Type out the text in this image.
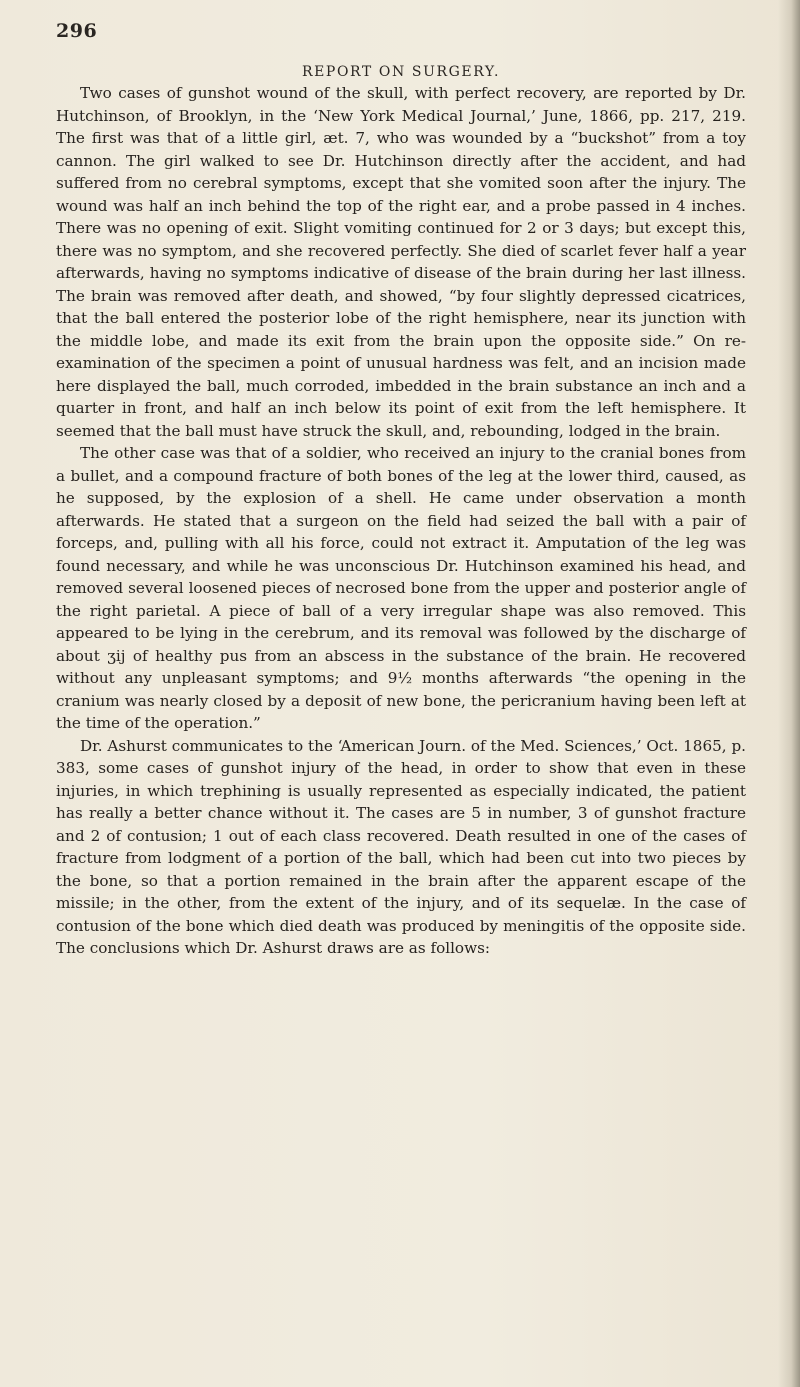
296
REPORT ON SURGERY.

Two cases of gunshot wound of the skull, with perfect recovery, are reported by Dr. Hutchinson, of Brooklyn, in the ‘New York Medical Journal,’ June, 1866, pp. 217, 219. The first was that of a little girl, æt. 7, who was wounded by a “buckshot” from a toy cannon. The girl walked to see Dr. Hutchinson directly after the accident, and had suffered from no cerebral symptoms, except that she vomited soon after the injury. The wound was half an inch behind the top of the right ear, and a probe passed in 4 inches. There was no opening of exit. Slight vomiting continued for 2 or 3 days; but except this, there was no symptom, and she recovered perfectly. She died of scarlet fever half a year afterwards, having no symptoms indicative of disease of the brain during her last illness. The brain was removed after death, and showed, “by four slightly depressed cicatrices, that the ball entered the posterior lobe of the right hemisphere, near its junction with the middle lobe, and made its exit from the brain upon the opposite side.” On re-examination of the specimen a point of unusual hardness was felt, and an incision made here displayed the ball, much corroded, imbedded in the brain substance an inch and a quarter in front, and half an inch below its point of exit from the left hemisphere. It seemed that the ball must have struck the skull, and, rebounding, lodged in the brain.

The other case was that of a soldier, who received an injury to the cranial bones from a bullet, and a compound fracture of both bones of the leg at the lower third, caused, as he supposed, by the explosion of a shell. He came under observation a month afterwards. He stated that a surgeon on the field had seized the ball with a pair of forceps, and, pulling with all his force, could not extract it. Amputation of the leg was found necessary, and while he was unconscious Dr. Hutchinson examined his head, and removed several loosened pieces of necrosed bone from the upper and posterior angle of the right parietal. A piece of ball of a very irregular shape was also removed. This appeared to be lying in the cerebrum, and its removal was followed by the discharge of about ʒij of healthy pus from an abscess in the substance of the brain. He recovered without any unpleasant symptoms; and 9½ months afterwards “the opening in the cranium was nearly closed by a deposit of new bone, the pericranium having been left at the time of the operation.”

Dr. Ashurst communicates to the ‘American Journ. of the Med. Sciences,’ Oct. 1865, p. 383, some cases of gunshot injury of the head, in order to show that even in these injuries, in which trephining is usually represented as especially indicated, the patient has really a better chance without it. The cases are 5 in number, 3 of gunshot fracture and 2 of contusion; 1 out of each class recovered. Death resulted in one of the cases of fracture from lodgment of a portion of the ball, which had been cut into two pieces by the bone, so that a portion remained in the brain after the apparent escape of the missile; in the other, from the extent of the injury, and of its sequelæ. In the case of contusion of the bone which died death was produced by meningitis of the opposite side. The conclusions which Dr. Ashurst draws are as follows:
